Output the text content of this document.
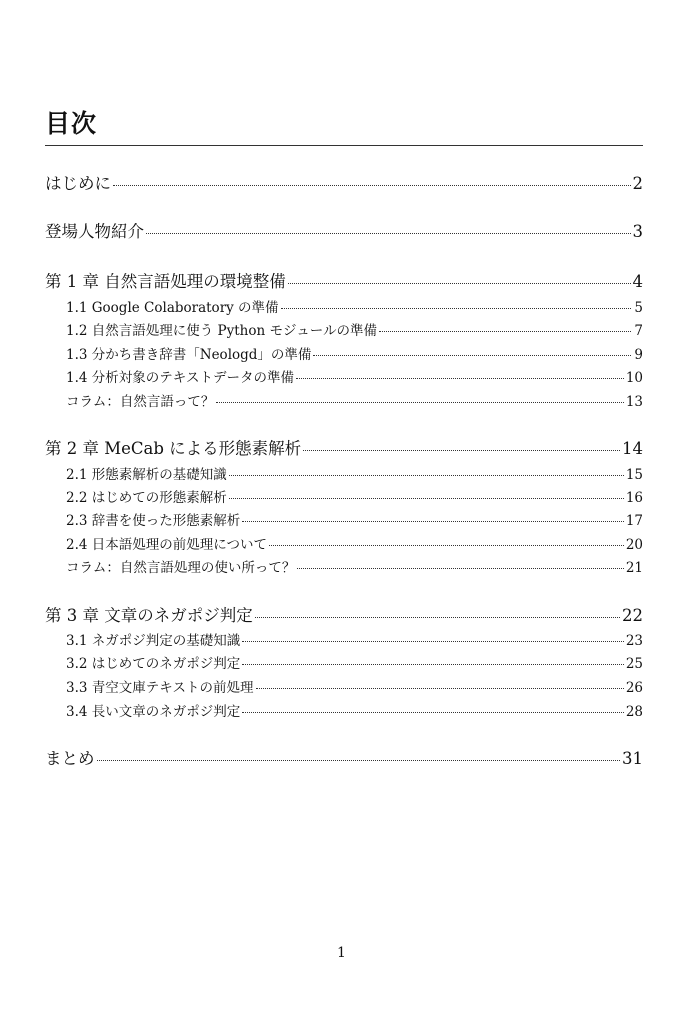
目次
はじめに	2
登場人物紹介	3
第 1 章 自然言語処理の環境整備	4
1.1 Google Colaboratory の準備	5
1.2 自然言語処理に使う Python モジュールの準備	7
1.3 分かち書き辞書「Neologd」の準備	9
1.4 分析対象のテキストデータの準備	10
コラム：自然言語って？	13
第 2 章 MeCab による形態素解析	14
2.1 形態素解析の基礎知識	15
2.2 はじめての形態素解析	16
2.3 辞書を使った形態素解析	17
2.4 日本語処理の前処理について	20
コラム：自然言語処理の使い所って？	21
第 3 章 文章のネガポジ判定	22
3.1 ネガポジ判定の基礎知識	23
3.2 はじめてのネガポジ判定	25
3.3 青空文庫テキストの前処理	26
3.4 長い文章のネガポジ判定	28
まとめ	31
1
